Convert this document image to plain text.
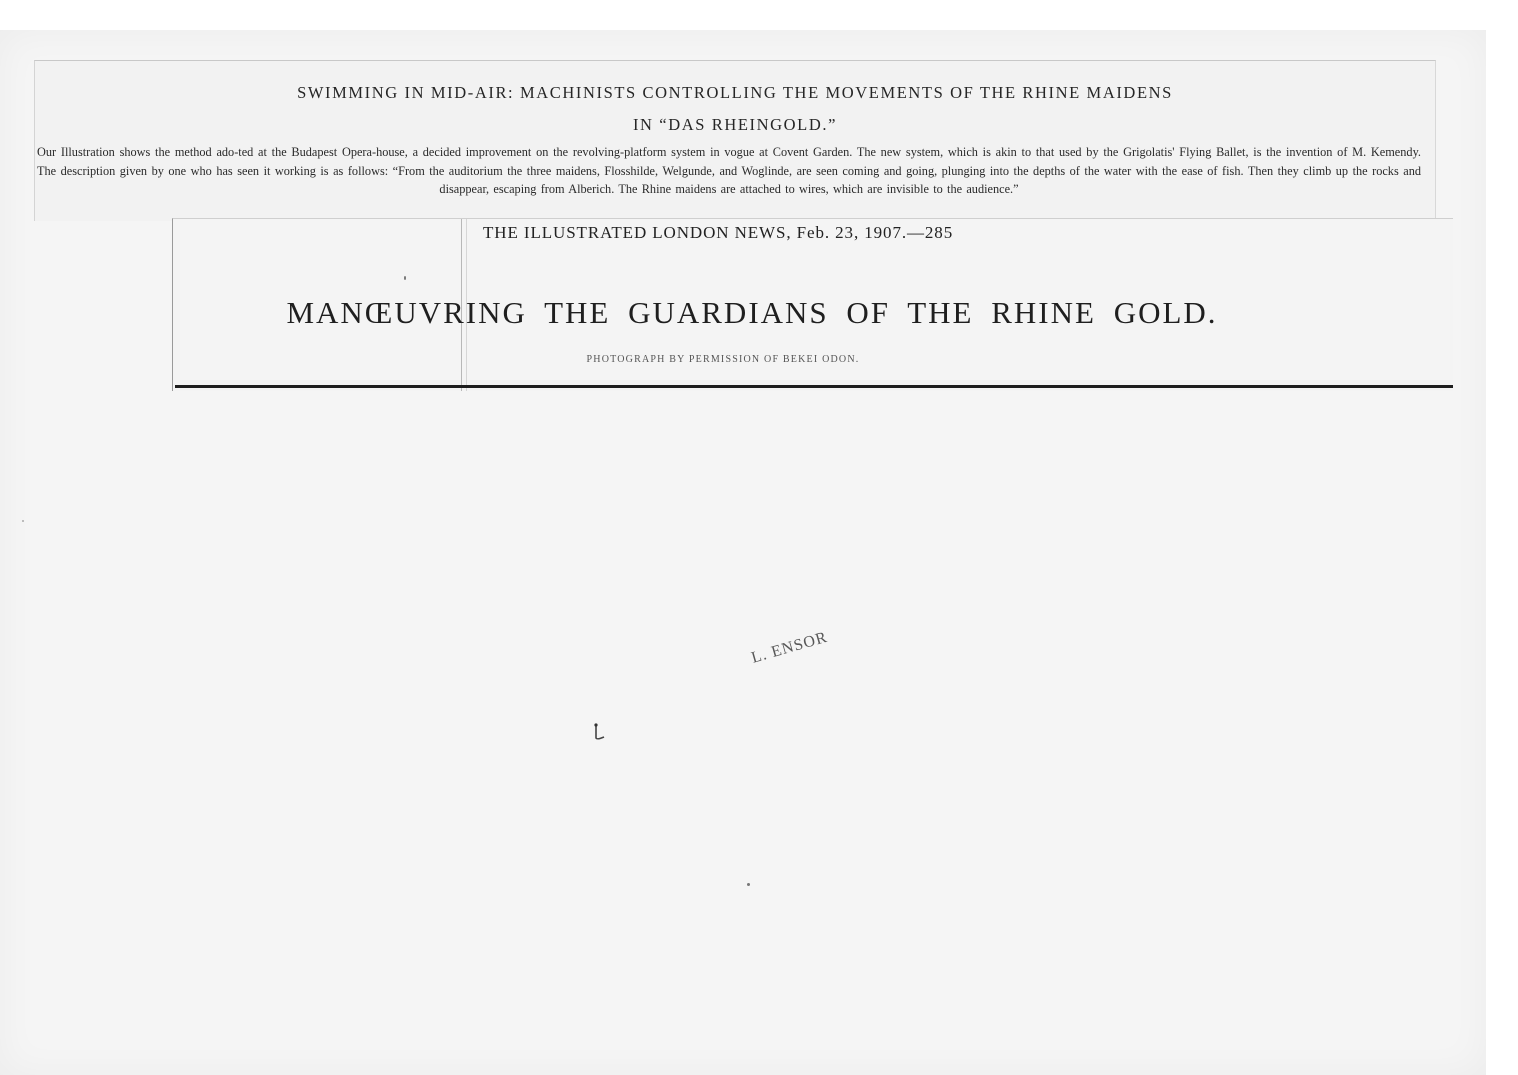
SWIMMING IN MID-AIR: MACHINISTS CONTROLLING THE MOVEMENTS OF THE RHINE MAIDENS
IN “DAS RHEINGOLD.”
Our Illustration shows the method ado-ted at the Budapest Opera-house, a decided improvement on the revolving-platform system in vogue at Covent Garden. The new system, which is akin to that used by the Grigolatis' Flying Ballet, is the invention of M. Kemendy. The description given by one who has seen it working is as follows: “From the auditorium the three maidens, Flosshilde, Welgunde, and Woglinde, are seen coming and going, plunging into the depths of the water with the ease of fish. Then they climb up the rocks and disappear, escaping from Alberich. The Rhine maidens are attached to wires, which are invisible to the audience.”
THE ILLUSTRATED LONDON NEWS, Feb. 23, 1907.—285
MANŒUVRING THE GUARDIANS OF THE RHINE GOLD.
PHOTOGRAPH BY PERMISSION OF BEKEI ODON.
L. ENSOR
